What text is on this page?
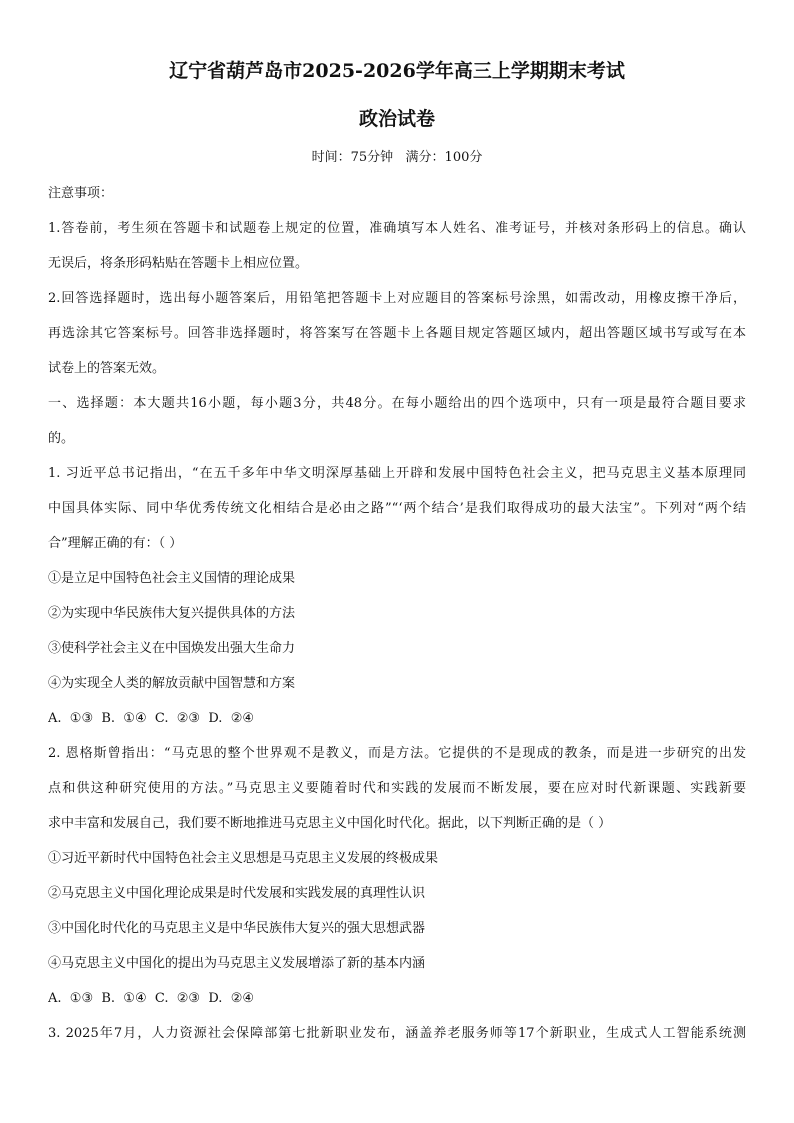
辽宁省葫芦岛市2025-2026学年高三上学期期末考试
政治试卷
时间：75分钟   满分：100分
注意事项：
1.答卷前，考生须在答题卡和试题卷上规定的位置，准确填写本人姓名、准考证号，并核对条形码上的信息。确认
无误后，将条形码粘贴在答题卡上相应位置。
2.回答选择题时，选出每小题答案后，用铅笔把答题卡上对应题目的答案标号涂黑，如需改动，用橡皮擦干净后，
再选涂其它答案标号。回答非选择题时，将答案写在答题卡上各题目规定答题区域内，超出答题区域书写或写在本
试卷上的答案无效。
一、选择题：本大题共16小题，每小题3分，共48分。在每小题给出的四个选项中，只有一项是最符合题目要求
的。
1. 习近平总书记指出，“在五千多年中华文明深厚基础上开辟和发展中国特色社会主义，把马克思主义基本原理同
中国具体实际、同中华优秀传统文化相结合是必由之路”“‘两个结合’是我们取得成功的最大法宝”。下列对“两个结
合”理解正确的有：（ ）
①是立足中国特色社会主义国情的理论成果
②为实现中华民族伟大复兴提供具体的方法
③使科学社会主义在中国焕发出强大生命力
④为实现全人类的解放贡献中国智慧和方案
A.  ①③  B.  ①④  C.  ②③  D.  ②④
2. 恩格斯曾指出：“马克思的整个世界观不是教义，而是方法。它提供的不是现成的教条，而是进一步研究的出发
点和供这种研究使用的方法。”马克思主义要随着时代和实践的发展而不断发展，要在应对时代新课题、实践新要
求中丰富和发展自己，我们要不断地推进马克思主义中国化时代化。据此，以下判断正确的是（ ）
①习近平新时代中国特色社会主义思想是马克思主义发展的终极成果
②马克思主义中国化理论成果是时代发展和实践发展的真理性认识
③中国化时代化的马克思主义是中华民族伟大复兴的强大思想武器
④马克思主义中国化的提出为马克思主义发展增添了新的基本内涵
A.  ①③  B.  ①④  C.  ②③  D.  ②④
3. 2025年7月，人力资源社会保障部第七批新职业发布，涵盖养老服务师等17个新职业，生成式人工智能系统测
